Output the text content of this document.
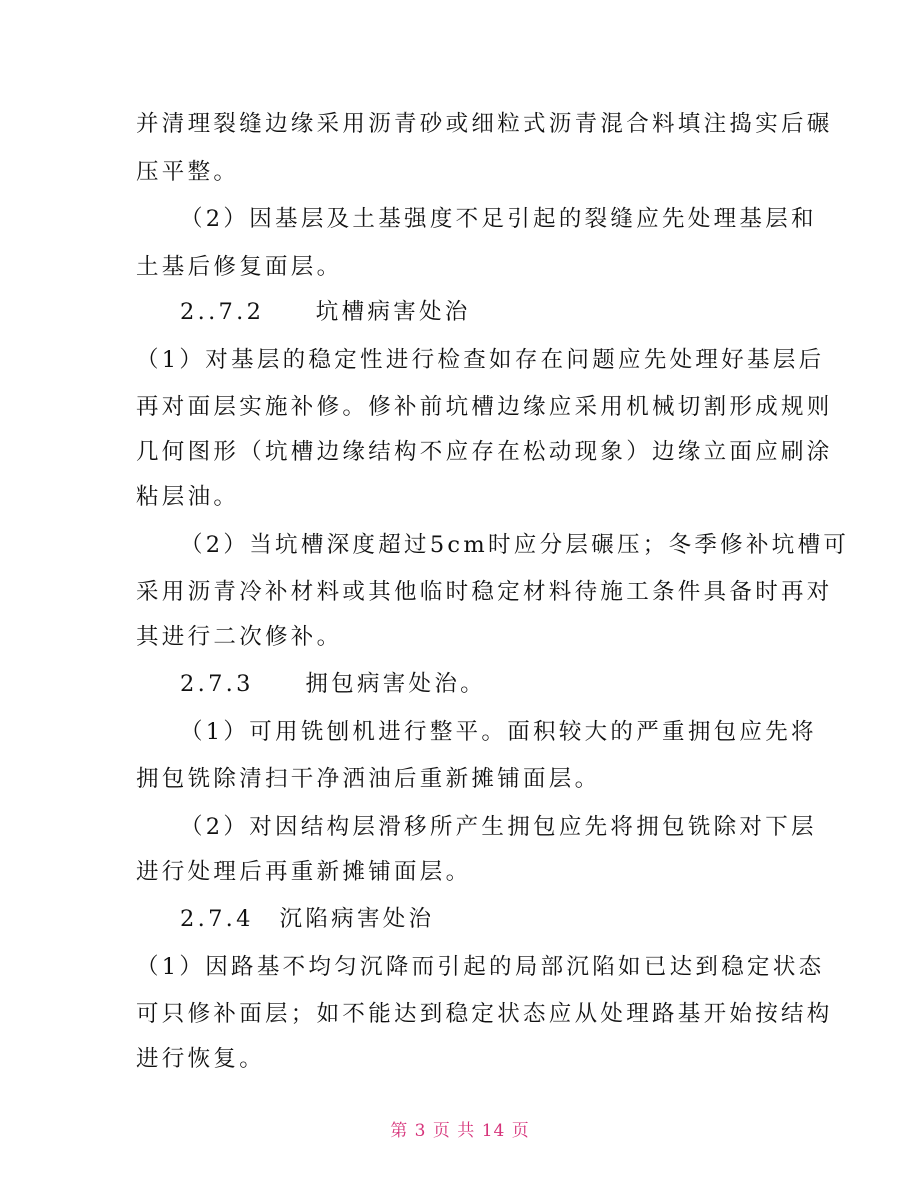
并清理裂缝边缘采用沥青砂或细粒式沥青混合料填注捣实后碾
压平整。
（2）因基层及土基强度不足引起的裂缝应先处理基层和
土基后修复面层。
2..7.2　　坑槽病害处治
（1）对基层的稳定性进行检查如存在问题应先处理好基层后
再对面层实施补修。修补前坑槽边缘应采用机械切割形成规则
几何图形（坑槽边缘结构不应存在松动现象）边缘立面应刷涂
粘层油。
（2）当坑槽深度超过5cm时应分层碾压；冬季修补坑槽可
采用沥青冷补材料或其他临时稳定材料待施工条件具备时再对
其进行二次修补。
2.7.3　　拥包病害处治。
（1）可用铣刨机进行整平。面积较大的严重拥包应先将
拥包铣除清扫干净洒油后重新摊铺面层。
（2）对因结构层滑移所产生拥包应先将拥包铣除对下层
进行处理后再重新摊铺面层。
2.7.4　沉陷病害处治
（1）因路基不均匀沉降而引起的局部沉陷如已达到稳定状态
可只修补面层；如不能达到稳定状态应从处理路基开始按结构
进行恢复。
第 3 页 共 14 页
